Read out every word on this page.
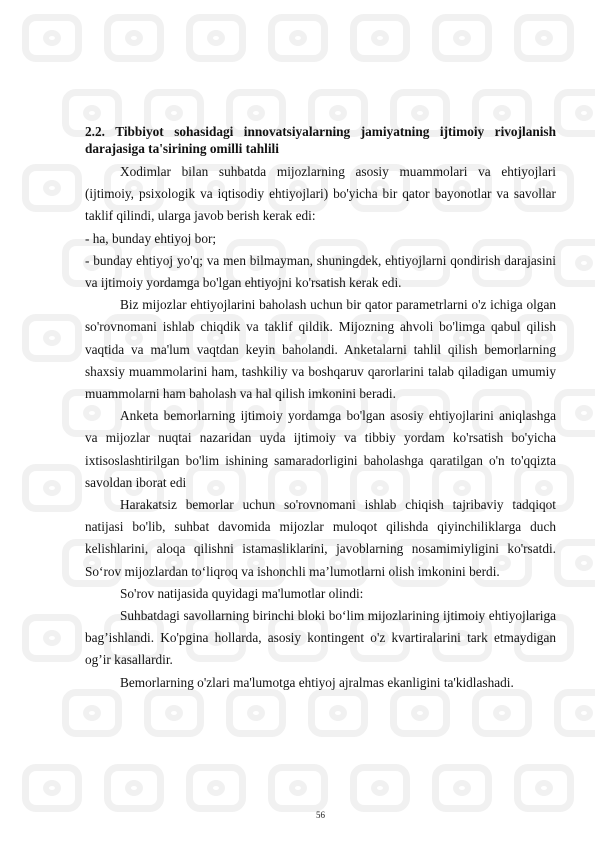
2.2. Tibbiyot sohasidagi innovatsiyalarning jamiyatning ijtimoiy rivojlanish darajasiga ta'sirining omilli tahlili

Xodimlar bilan suhbatda mijozlarning asosiy muammolari va ehtiyojlari (ijtimoiy, psixologik va iqtisodiy ehtiyojlari) bo'yicha bir qator bayonotlar va savollar taklif qilindi, ularga javob berish kerak edi:

- ha, bunday ehtiyoj bor;

- bunday ehtiyoj yo'q; va men bilmayman, shuningdek, ehtiyojlarni qondirish darajasini va ijtimoiy yordamga bo'lgan ehtiyojni ko'rsatish kerak edi.

Biz mijozlar ehtiyojlarini baholash uchun bir qator parametrlarni o'z ichiga olgan so'rovnomani ishlab chiqdik va taklif qildik. Mijozning ahvoli bo'limga qabul qilish vaqtida va ma'lum vaqtdan keyin baholandi. Anketalarni tahlil qilish bemorlarning shaxsiy muammolarini ham, tashkiliy va boshqaruv qarorlarini talab qiladigan umumiy muammolarni ham baholash va hal qilish imkonini beradi.

Anketa bemorlarning ijtimoiy yordamga bo'lgan asosiy ehtiyojlarini aniqlashga va mijozlar nuqtai nazaridan uyda ijtimoiy va tibbiy yordam ko'rsatish bo'yicha ixtisoslashtirilgan bo'lim ishining samaradorligini baholashga qaratilgan o'n to'qqizta savoldan iborat edi

Harakatsiz bemorlar uchun so'rovnomani ishlab chiqish tajribaviy tadqiqot natijasi bo'lib, suhbat davomida mijozlar muloqot qilishda qiyinchiliklarga duch kelishlarini, aloqa qilishni istamasliklarini, javoblarning nosamimiyligini ko'rsatdi. So‘rov mijozlardan to‘liqroq va ishonchli ma’lumotlarni olish imkonini berdi.

So'rov natijasida quyidagi ma'lumotlar olindi:

Suhbatdagi savollarning birinchi bloki bo‘lim mijozlarining ijtimoiy ehtiyojlariga bag’ishlandi. Ko'pgina hollarda, asosiy kontingent o'z kvartiralarini tark etmaydigan og’ir kasallardir.

Bemorlarning o'zlari ma'lumotga ehtiyoj ajralmas ekanligini ta'kidlashadi.

56
